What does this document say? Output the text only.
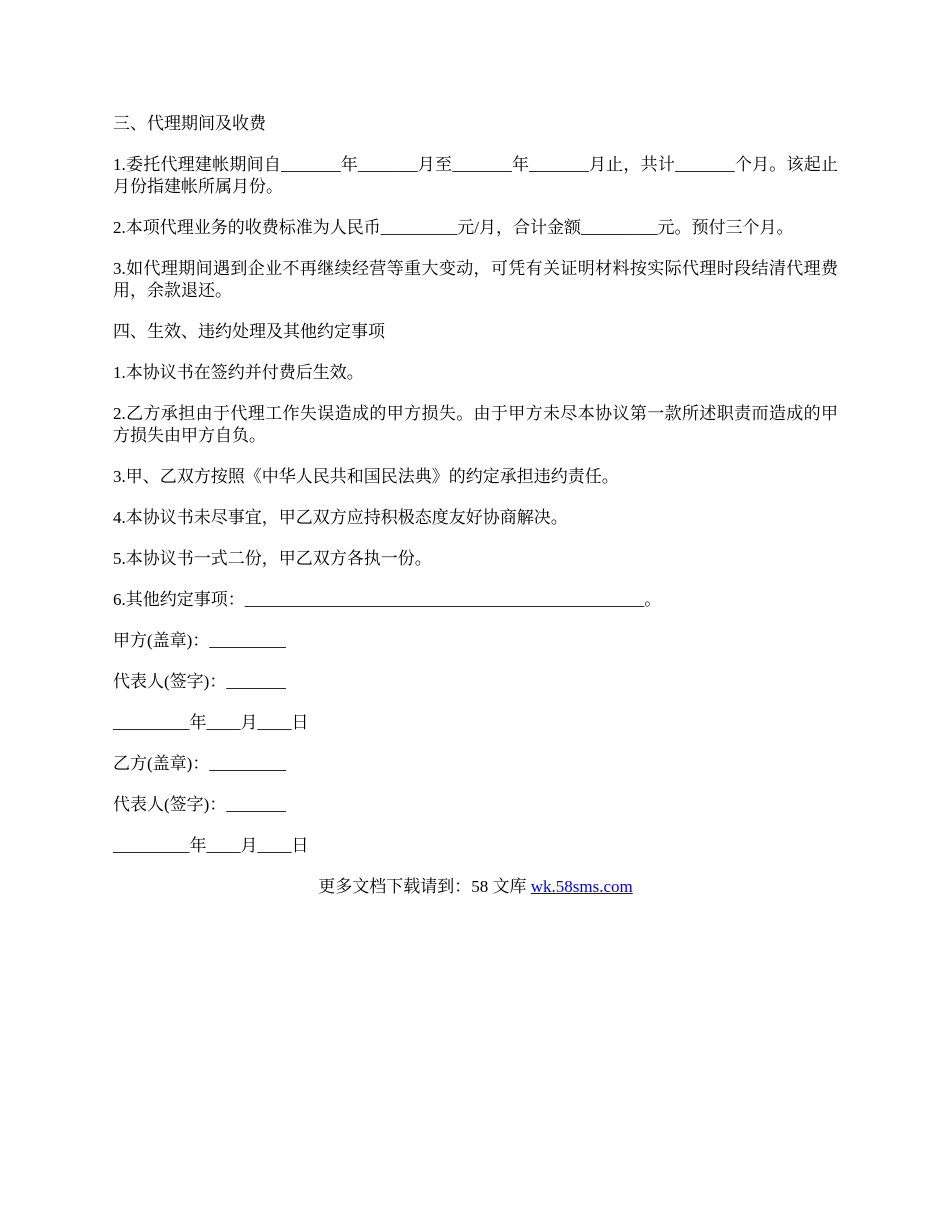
三、代理期间及收费

1.委托代理建帐期间自_______年_______月至_______年_______月止，共计_______个月。该起止月份指建帐所属月份。

2.本项代理业务的收费标准为人民币_________元/月，合计金额_________元。预付三个月。

3.如代理期间遇到企业不再继续经营等重大变动，可凭有关证明材料按实际代理时段结清代理费用，余款退还。

四、生效、违约处理及其他约定事项

1.本协议书在签约并付费后生效。

2.乙方承担由于代理工作失误造成的甲方损失。由于甲方未尽本协议第一款所述职责而造成的甲方损失由甲方自负。

3.甲、乙双方按照《中华人民共和国民法典》的约定承担违约责任。

4.本协议书未尽事宜，甲乙双方应持积极态度友好协商解决。

5.本协议书一式二份，甲乙双方各执一份。

6.其他约定事项：_______________________________________________。

甲方(盖章)：_________

代表人(签字)：_______

_________年____月____日

乙方(盖章)：_________

代表人(签字)：_______

_________年____月____日

更多文档下载请到：58 文库 wk.58sms.com
